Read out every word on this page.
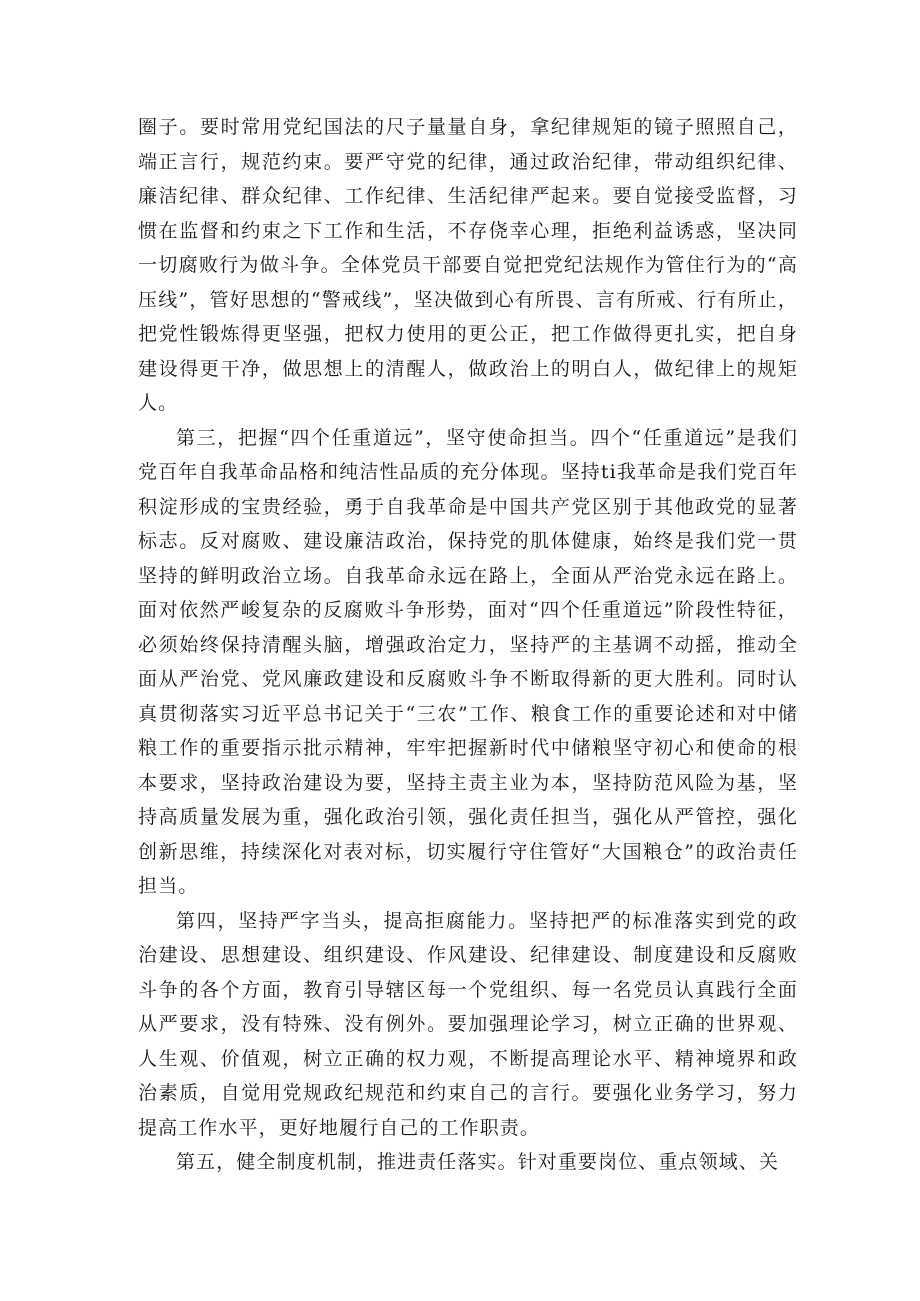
圈子。要时常用党纪国法的尺子量量自身，拿纪律规矩的镜子照照自己，端正言行，规范约束。要严守党的纪律，通过政治纪律，带动组织纪律、廉洁纪律、群众纪律、工作纪律、生活纪律严起来。要自觉接受监督，习惯在监督和约束之下工作和生活，不存侥幸心理，拒绝利益诱惑，坚决同一切腐败行为做斗争。全体党员干部要自觉把党纪法规作为管住行为的“高压线”，管好思想的“警戒线”，坚决做到心有所畏、言有所戒、行有所止，把党性锻炼得更坚强，把权力使用的更公正，把工作做得更扎实，把自身建设得更干净，做思想上的清醒人，做政治上的明白人，做纪律上的规矩人。

第三，把握“四个任重道远”，坚守使命担当。四个“任重道远”是我们党百年自我革命品格和纯洁性品质的充分体现。坚持ti我革命是我们党百年积淀形成的宝贵经验，勇于自我革命是中国共产党区别于其他政党的显著标志。反对腐败、建设廉洁政治，保持党的肌体健康，始终是我们党一贯坚持的鲜明政治立场。自我革命永远在路上，全面从严治党永远在路上。面对依然严峻复杂的反腐败斗争形势，面对“四个任重道远”阶段性特征，必须始终保持清醒头脑，增强政治定力，坚持严的主基调不动摇，推动全面从严治党、党风廉政建设和反腐败斗争不断取得新的更大胜利。同时认真贯彻落实习近平总书记关于“三农”工作、粮食工作的重要论述和对中储粮工作的重要指示批示精神，牢牢把握新时代中储粮坚守初心和使命的根本要求，坚持政治建设为要，坚持主责主业为本，坚持防范风险为基，坚持高质量发展为重，强化政治引领，强化责任担当，强化从严管控，强化创新思维，持续深化对表对标，切实履行守住管好“大国粮仓”的政治责任担当。

第四，坚持严字当头，提高拒腐能力。坚持把严的标准落实到党的政治建设、思想建设、组织建设、作风建设、纪律建设、制度建设和反腐败斗争的各个方面，教育引导辖区每一个党组织、每一名党员认真践行全面从严要求，没有特殊、没有例外。要加强理论学习，树立正确的世界观、人生观、价值观，树立正确的权力观，不断提高理论水平、精神境界和政治素质，自觉用党规政纪规范和约束自己的言行。要强化业务学习，努力提高工作水平，更好地履行自己的工作职责。

第五，健全制度机制，推进责任落实。针对重要岗位、重点领域、关
